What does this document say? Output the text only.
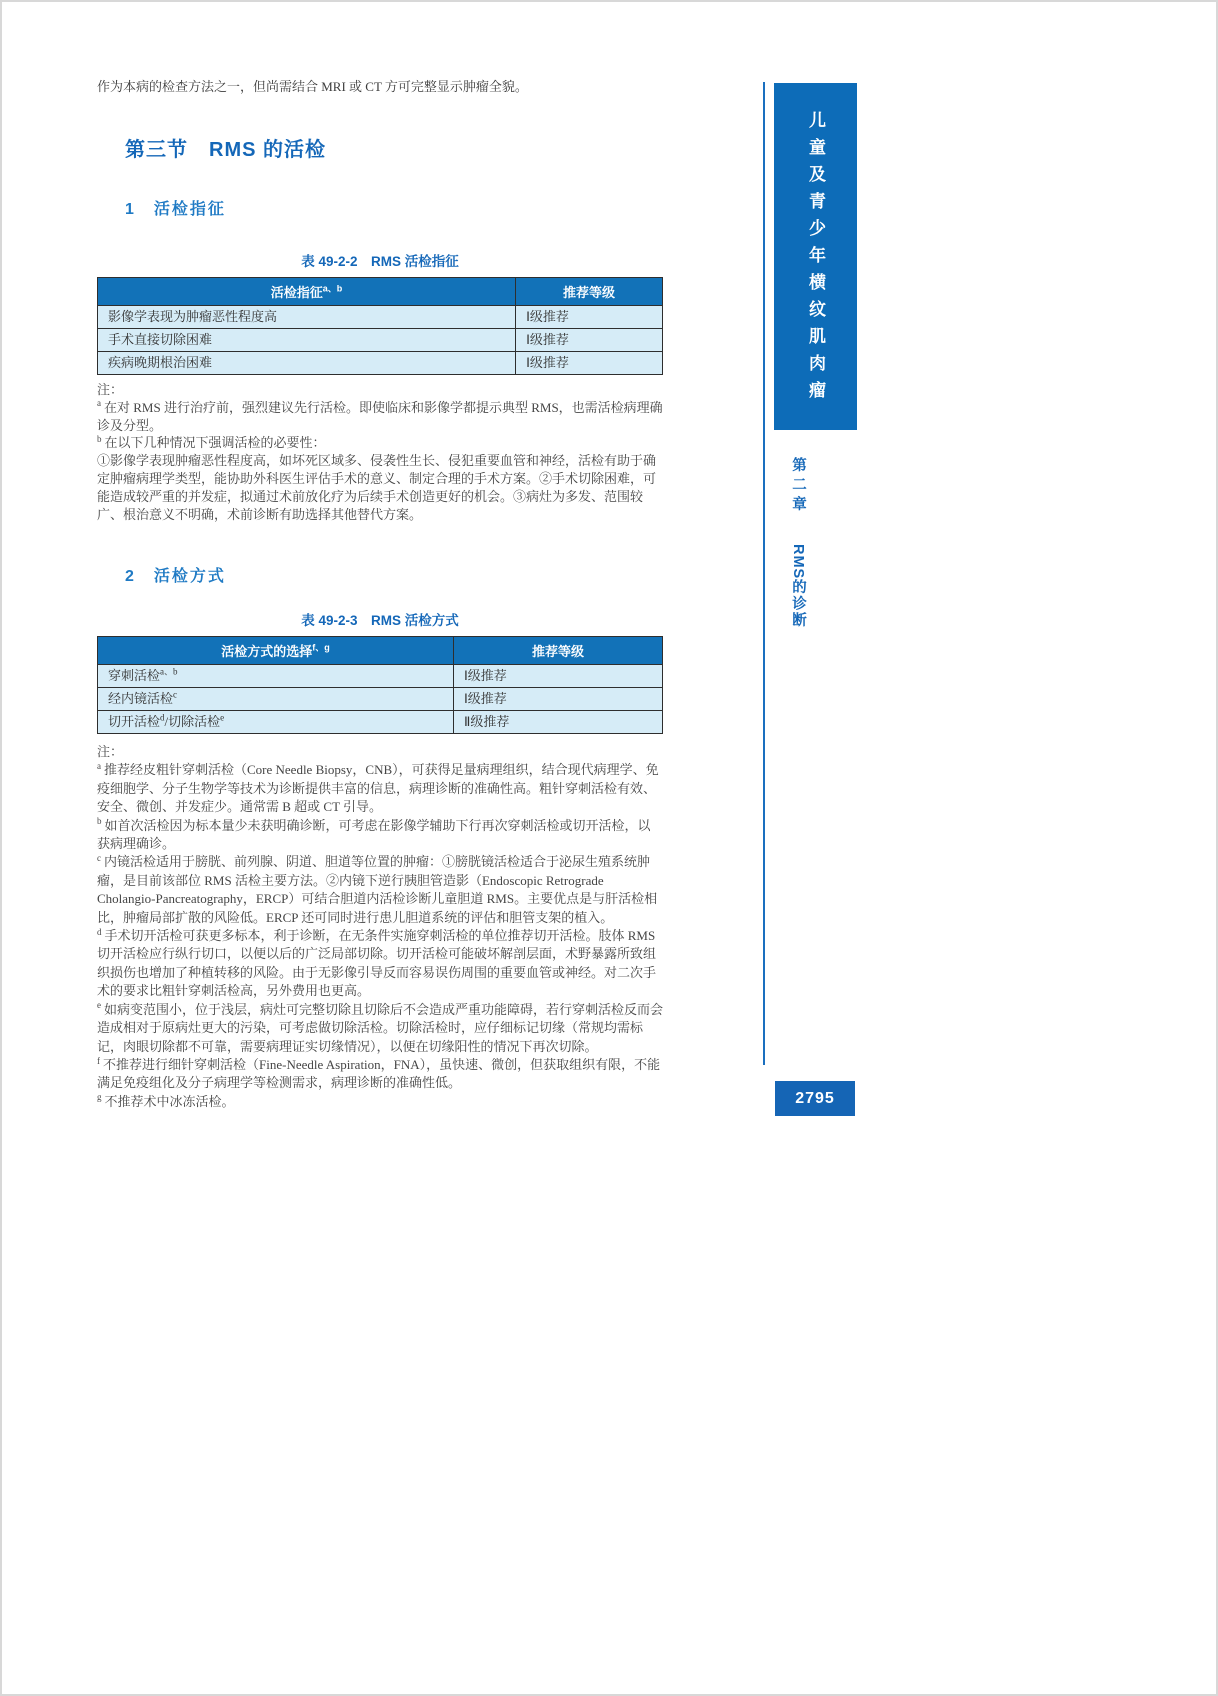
作为本病的检查方法之一，但尚需结合 MRI 或 CT 方可完整显示肿瘤全貌。

第三节　RMS 的活检
1　活检指征
表 49-2-2　RMS 活检指征
活检指征$^{a、b}$	推荐等级
影像学表现为肿瘤恶性程度高	Ⅰ级推荐
手术直接切除困难	Ⅰ级推荐
疾病晚期根治困难	Ⅰ级推荐
注：

$^a$ 在对 RMS 进行治疗前，强烈建议先行活检。即使临床和影像学都提示典型 RMS，也需活检病理确诊及分型。

$^b$ 在以下几种情况下强调活检的必要性：

①影像学表现肿瘤恶性程度高，如坏死区域多、侵袭性生长、侵犯重要血管和神经，活检有助于确定肿瘤病理学类型，能协助外科医生评估手术的意义、制定合理的手术方案。②手术切除困难，可能造成较严重的并发症，拟通过术前放化疗为后续手术创造更好的机会。③病灶为多发、范围较广、根治意义不明确，术前诊断有助选择其他替代方案。

2　活检方式
表 49-2-3　RMS 活检方式
活检方式的选择$^{f、g}$	推荐等级
穿刺活检$^{a、b}$	Ⅰ级推荐
经内镜活检$^c$	Ⅰ级推荐
切开活检$^d$/切除活检$^e$	Ⅱ级推荐
注：

$^a$ 推荐经皮粗针穿刺活检（Core Needle Biopsy，CNB），可获得足量病理组织，结合现代病理学、免疫细胞学、分子生物学等技术为诊断提供丰富的信息，病理诊断的准确性高。粗针穿刺活检有效、安全、微创、并发症少。通常需 B 超或 CT 引导。

$^b$ 如首次活检因为标本量少未获明确诊断，可考虑在影像学辅助下行再次穿刺活检或切开活检，以获病理确诊。

$^c$ 内镜活检适用于膀胱、前列腺、阴道、胆道等位置的肿瘤：①膀胱镜活检适合于泌尿生殖系统肿瘤，是目前该部位 RMS 活检主要方法。②内镜下逆行胰胆管造影（Endoscopic Retrograde Cholangio-Pancreatography，ERCP）可结合胆道内活检诊断儿童胆道 RMS。主要优点是与肝活检相比，肿瘤局部扩散的风险低。ERCP 还可同时进行患儿胆道系统的评估和胆管支架的植入。

$^d$ 手术切开活检可获更多标本，利于诊断，在无条件实施穿刺活检的单位推荐切开活检。肢体 RMS 切开活检应行纵行切口，以便以后的广泛局部切除。切开活检可能破坏解剖层面，术野暴露所致组织损伤也增加了种植转移的风险。由于无影像引导反而容易误伤周围的重要血管或神经。对二次手术的要求比粗针穿刺活检高，另外费用也更高。

$^e$ 如病变范围小，位于浅层，病灶可完整切除且切除后不会造成严重功能障碍，若行穿刺活检反而会造成相对于原病灶更大的污染，可考虑做切除活检。切除活检时，应仔细标记切缘（常规均需标记，肉眼切除都不可靠，需要病理证实切缘情况），以便在切缘阳性的情况下再次切除。

$^f$ 不推荐进行细针穿刺活检（Fine-Needle Aspiration，FNA），虽快速、微创，但获取组织有限，不能满足免疫组化及分子病理学等检测需求，病理诊断的准确性低。

$^g$ 不推荐术中冰冻活检。

儿童及青少年横纹肌肉瘤
第二章 RMS的诊断
2795
